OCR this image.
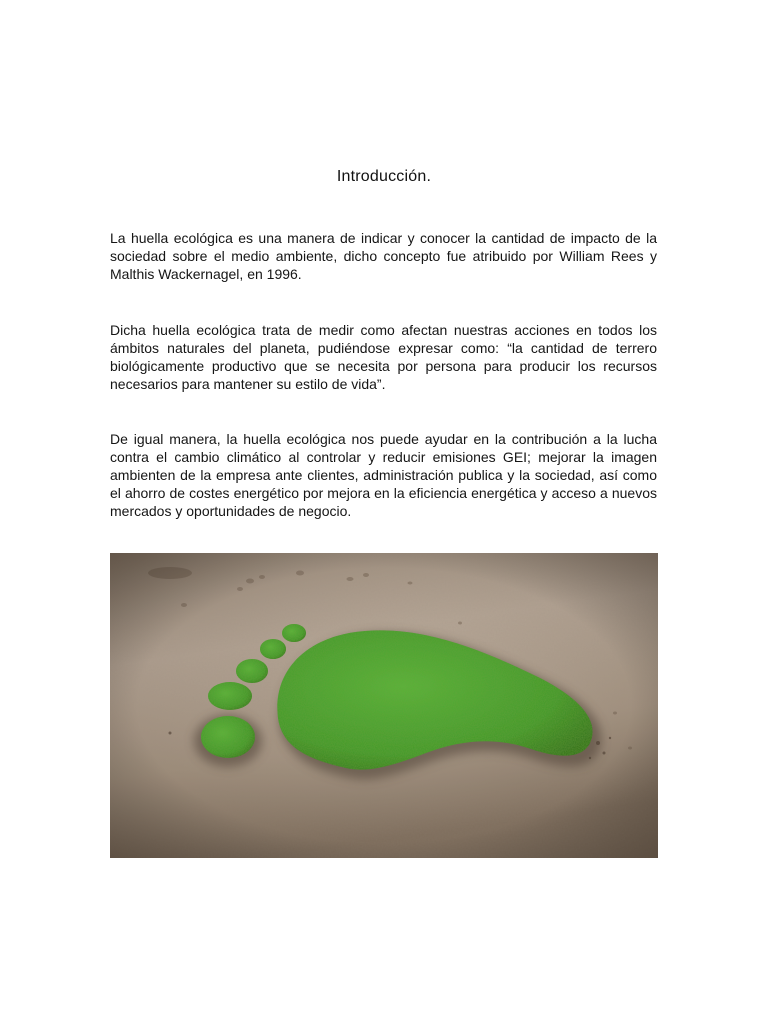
Introducción.

La huella ecológica es una manera de indicar y conocer la cantidad de impacto de la sociedad sobre el medio ambiente, dicho concepto fue atribuido por William Rees y Malthis Wackernagel, en 1996.

Dicha huella ecológica trata de medir como afectan nuestras acciones en todos los ámbitos naturales del planeta, pudiéndose expresar como: “la cantidad de terrero biológicamente productivo que se necesita por persona para producir los recursos necesarios para mantener su estilo de vida”.

De igual manera, la huella ecológica nos puede ayudar en la contribución a la lucha contra el cambio climático al controlar y reducir emisiones GEI; mejorar la imagen ambienten de la empresa ante clientes, administración publica y la sociedad, así como el ahorro de costes energético por mejora en la eficiencia energética y acceso a nuevos mercados y oportunidades de negocio.
